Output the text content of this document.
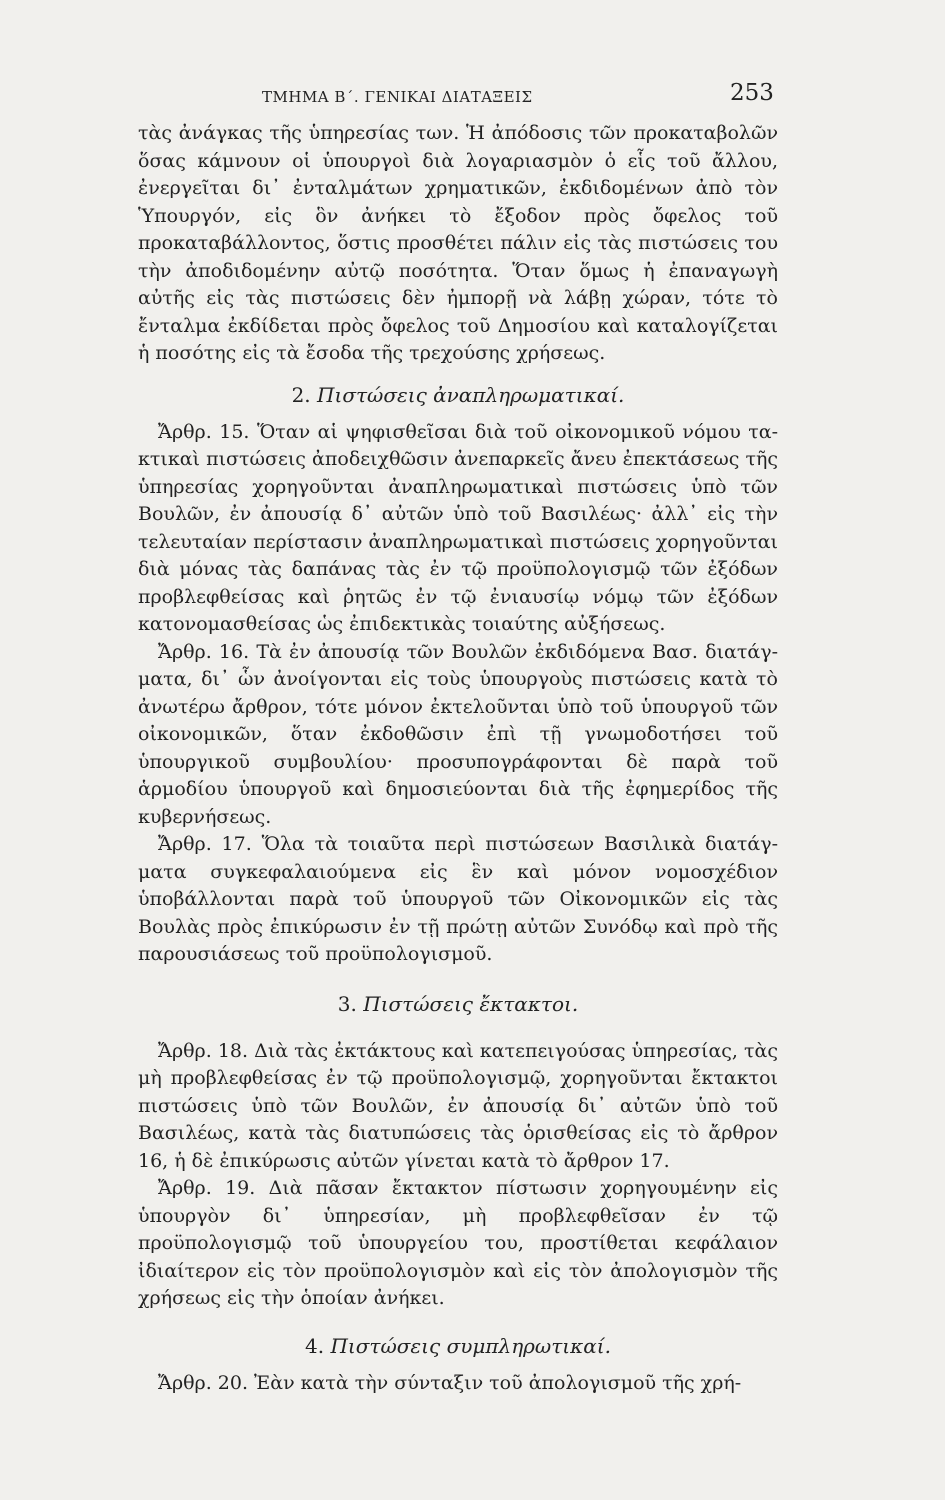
ΤΜΗΜΑ Β΄. ΓΕΝΙΚΑΙ ΔΙΑΤΑΞΕΙΣ	253

τὰς ἀνάγκας τῆς ὑπηρεσίας των. Ἡ ἀπόδοσις τῶν προκαταβολῶν ὅσας κάμνουν οἱ ὑπουργοὶ διὰ λογαριασμὸν ὁ εἷς τοῦ ἄλλου, ἐνεργεῖται δι᾽ ἐνταλμάτων χρηματικῶν, ἐκδιδομένων ἀπὸ τὸν Ὑπουργόν, εἰς ὃν ἀνήκει τὸ ἔξοδον πρὸς ὄφελος τοῦ προκαταβάλλοντος, ὅστις προσθέτει πάλιν εἰς τὰς πιστώσεις του τὴν ἀποδιδομένην αὐτῷ ποσότητα. Ὅταν ὅμως ἡ ἐπαναγωγὴ αὐτῆς εἰς τὰς πιστώσεις δὲν ἠμπορῇ νὰ λάβῃ χώραν, τότε τὸ ἔνταλμα ἐκδίδεται πρὸς ὄφελος τοῦ Δημοσίου καὶ καταλογίζεται ἡ ποσότης εἰς τὰ ἔσοδα τῆς τρεχούσης χρήσεως.

2. Πιστώσεις ἀναπληρωματικαί.

Ἄρθρ. 15. Ὅταν αἱ ψηφισθεῖσαι διὰ τοῦ οἰκονομικοῦ νόμου τακτικαὶ πιστώσεις ἀποδειχθῶσιν ἀνεπαρκεῖς ἄνευ ἐπεκτάσεως τῆς ὑπηρεσίας χορηγοῦνται ἀναπληρωματικαὶ πιστώσεις ὑπὸ τῶν Βουλῶν, ἐν ἀπουσίᾳ δ᾽ αὐτῶν ὑπὸ τοῦ Βασιλέως· ἀλλ᾽ εἰς τὴν τελευταίαν περίστασιν ἀναπληρωματικαὶ πιστώσεις χορηγοῦνται διὰ μόνας τὰς δαπάνας τὰς ἐν τῷ προϋπολογισμῷ τῶν ἐξόδων προβλεφθείσας καὶ ῥητῶς ἐν τῷ ἐνιαυσίῳ νόμῳ τῶν ἐξόδων κατονομασθείσας ὡς ἐπιδεκτικὰς τοιαύτης αὐξήσεως.

Ἄρθρ. 16. Τὰ ἐν ἀπουσίᾳ τῶν Βουλῶν ἐκδιδόμενα Βασ. διατάγματα, δι᾽ ὧν ἀνοίγονται εἰς τοὺς ὑπουργοὺς πιστώσεις κατὰ τὸ ἀνωτέρω ἄρθρον, τότε μόνον ἐκτελοῦνται ὑπὸ τοῦ ὑπουργοῦ τῶν οἰκονομικῶν, ὅταν ἐκδοθῶσιν ἐπὶ τῇ γνωμοδοτήσει τοῦ ὑπουργικοῦ συμβουλίου· προσυπογράφονται δὲ παρὰ τοῦ ἁρμοδίου ὑπουργοῦ καὶ δημοσιεύονται διὰ τῆς ἐφημερίδος τῆς κυβερνήσεως.

Ἄρθρ. 17. Ὅλα τὰ τοιαῦτα περὶ πιστώσεων Βασιλικὰ διατάγματα συγκεφαλαιούμενα εἰς ἓν καὶ μόνον νομοσχέδιον ὑποβάλλονται παρὰ τοῦ ὑπουργοῦ τῶν Οἰκονομικῶν εἰς τὰς Βουλὰς πρὸς ἐπικύρωσιν ἐν τῇ πρώτῃ αὐτῶν Συνόδῳ καὶ πρὸ τῆς παρουσιάσεως τοῦ προϋπολογισμοῦ.

3. Πιστώσεις ἔκτακτοι.

Ἄρθρ. 18. Διὰ τὰς ἐκτάκτους καὶ κατεπειγούσας ὑπηρεσίας, τὰς μὴ προβλεφθείσας ἐν τῷ προϋπολογισμῷ, χορηγοῦνται ἔκτακτοι πιστώσεις ὑπὸ τῶν Βουλῶν, ἐν ἀπουσίᾳ δι᾽ αὐτῶν ὑπὸ τοῦ Βασιλέως, κατὰ τὰς διατυπώσεις τὰς ὁρισθείσας εἰς τὸ ἄρθρον 16, ἡ δὲ ἐπικύρωσις αὐτῶν γίνεται κατὰ τὸ ἄρθρον 17.

Ἄρθρ. 19. Διὰ πᾶσαν ἔκτακτον πίστωσιν χορηγουμένην εἰς ὑπουργὸν δι᾽ ὑπηρεσίαν, μὴ προβλεφθεῖσαν ἐν τῷ προϋπολογισμῷ τοῦ ὑπουργείου του, προστίθεται κεφάλαιον ἰδιαίτερον εἰς τὸν προϋπολογισμὸν καὶ εἰς τὸν ἀπολογισμὸν τῆς χρήσεως εἰς τὴν ὁποίαν ἀνήκει.

4. Πιστώσεις συμπληρωτικαί.

Ἄρθρ. 20. Ἐὰν κατὰ τὴν σύνταξιν τοῦ ἀπολογισμοῦ τῆς χρή-
